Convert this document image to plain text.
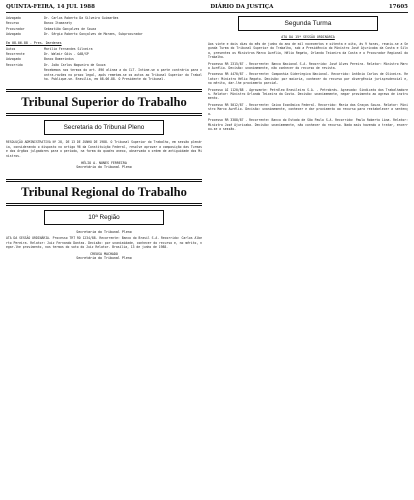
QUINTA-FEIRA, 14 JUL 1988	DIÁRIO DA JUSTIÇA	17605
Advogado	Dr. Carlos Roberto Da Silveira Guimarães
Recurso	Banco Itamaraty
Procurador	Sebastião Gonçalves de Souza
Advogado	Dr. Sérgio Roberto Gonçalves de Moraes, Subprocurador
Em 08.06.88 - Pres. Dardenes
Autos	Marília Fernandes Silveira
Recorrente	Dr. Walmir Góis - OAB/SP
Advogado	Banco Bamerindus
Recorrido	Dr. João Carlos Nogueira de Souza
Recebemos nos termos do art. 896 alínea a da CLT. Intime-se a parte contrária para contra-razões no prazo legal, após remetam-se os autos ao Tribunal Superior do Trabalho. Publique-se. Brasília, em 08.06.88. O Presidente do Tribunal.
Tribunal Superior do Trabalho
Secretaria do Tribunal Pleno
RESOLUÇÃO ADMINISTRATIVA Nº 28, DE 13 DE JUNHO DE 1988. O Tribunal Superior do Trabalho, em sessão plenária, considerando o disposto no artigo 96 da Constituição Federal, resolve aprovar a composição das Turmas e dos órgãos julgadores para o período, na forma do quadro anexo, observada a ordem de antiguidade dos Ministros.
HÉLIO A. NUNES FERREIRA
Secretário do Tribunal Pleno
Tribunal Regional do Trabalho
10ª Região
Secretaria do Tribunal Pleno
ATA DA SESSÃO ORDINÁRIA. Processo TRT RO 1234/88. Recorrente: Banco do Brasil S.A. Recorrido: Carlos Alberto Pereira. Relator: Juiz Fernando Dantas. Decisão: por unanimidade, conhecer do recurso e, no mérito, negar-lhe provimento, nos termos do voto do Juiz Relator. Brasília, 13 de junho de 1988.
CREUSA MACHADO
Secretária do Tribunal Pleno
Segunda Turma
ATA DA 15ª SESSÃO ORDINÁRIA
Aos vinte e dois dias do mês de junho do ano de mil novecentos e oitenta e oito, às 9 horas, reuniu-se a Segunda Turma do Tribunal Superior do Trabalho, sob a Presidência do Ministro José Ajuricaba da Costa e Silva, presentes os Ministros Marco Aurélio, Hélio Regato, Orlando Teixeira da Costa e o Procurador Regional do Trabalho.
Processo RR 2315/87 - Recorrente: Banco Nacional S.A. Recorrido: José Alves Pereira. Relator: Ministro Marco Aurélio. Decisão: unanimemente, não conhecer do recurso de revista.
Processo RR 4470/87 - Recorrente: Companhia Siderúrgica Nacional. Recorrido: Antônio Carlos de Oliveira. Relator: Ministro Hélio Regato. Decisão: por maioria, conhecer do recurso por divergência jurisprudencial e, no mérito, dar-lhe provimento parcial.
Processo AI 1120/88 - Agravante: Petróleo Brasileiro S.A. - Petrobrás. Agravado: Sindicato dos Trabalhadores. Relator: Ministro Orlando Teixeira da Costa. Decisão: unanimemente, negar provimento ao agravo de instrumento.
Processo RR 5012/87 - Recorrente: Caixa Econômica Federal. Recorrido: Maria das Graças Souza. Relator: Ministro Marco Aurélio. Decisão: unanimemente, conhecer e dar provimento ao recurso para restabelecer a sentença.
Processo RR 3388/87 - Recorrente: Banco do Estado de São Paulo S.A. Recorrido: Paulo Roberto Lima. Relator: Ministro José Ajuricaba. Decisão: unanimemente, não conhecer do recurso. Nada mais havendo a tratar, encerrou-se a sessão.
